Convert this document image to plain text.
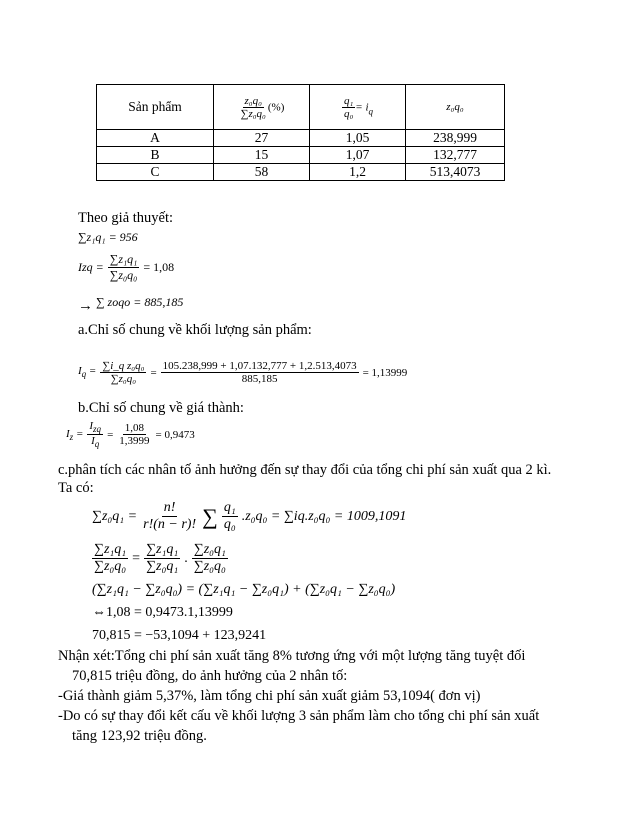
Sản phẩm	$\frac{\text{z₀q₀}}{\text{∑z₀q₀}}$ (%)	$\frac{\text{q₁}}{\text{q₀}} = i_q$	z₀q₀
A	27	1,05	238,999
B	15	1,07	132,777
C	58	1,2	513,4073
Theo giả thuyết:
∑z₁q₁ = 956
Izq = $\frac{\text{∑z₁q₁}}{\text{∑z₀q₀}} = 1,08$
→ ∑ zoqo = 885,185
a.Chỉ số chung về khối lượng sản phẩm:
$I_q = \frac{\text{∑i\_q z₀q₀}}{\text{∑z₀q₀}} = \frac{105.238,999 + 1,07.132,777 + 1,2.513,4073}{885,185} = 1,13999$
b.Chỉ số chung về giá thành:
$I_z = \frac{I_{zq}}{I_q} = \frac{1,08}{1,3999} = 0,9473$
c.phân tích các nhân tố ảnh hưởng đến sự thay đổi của tổng chi phí sản xuất qua 2 kì.
Ta có:
$\sum z_0q_1 = \frac{n!}{r!(n - r)!}$ ∑ $\frac{\text{q₁}}{\text{q₀}} .z_0q_0 = \sum iq.z_0q_0 = 1009,1091$
$\frac{\text{∑z₁q₁}}{\text{∑z₀q₀}} = \frac{\text{∑z₁q₁}}{\text{∑z₀q₁}}$ . $\frac{\text{∑z₀q₁}}{\text{∑z₀q₀}}$
(∑z₁q₁ − ∑z₀q₀) = (∑z₁q₁ − ∑z₀q₁) + (∑z₀q₁ − ∑z₀q₀)
⇔1,08 = 0,9473.1,13999
70,815 = −53,1094 + 123,9241
Nhận xét:Tổng chi phí sản xuất tăng 8% tương ứng với một lượng tăng tuyệt đối
70,815 triệu đồng, do ảnh hưởng của 2 nhân tố:
-Giá thành giảm 5,37%, làm tổng chi phí sản xuất giảm 53,1094( đơn vị)
-Do có sự thay đổi kết cấu về khối lượng 3 sản phẩm làm cho tổng chi phí sản xuất
tăng 123,92 triệu đồng.
